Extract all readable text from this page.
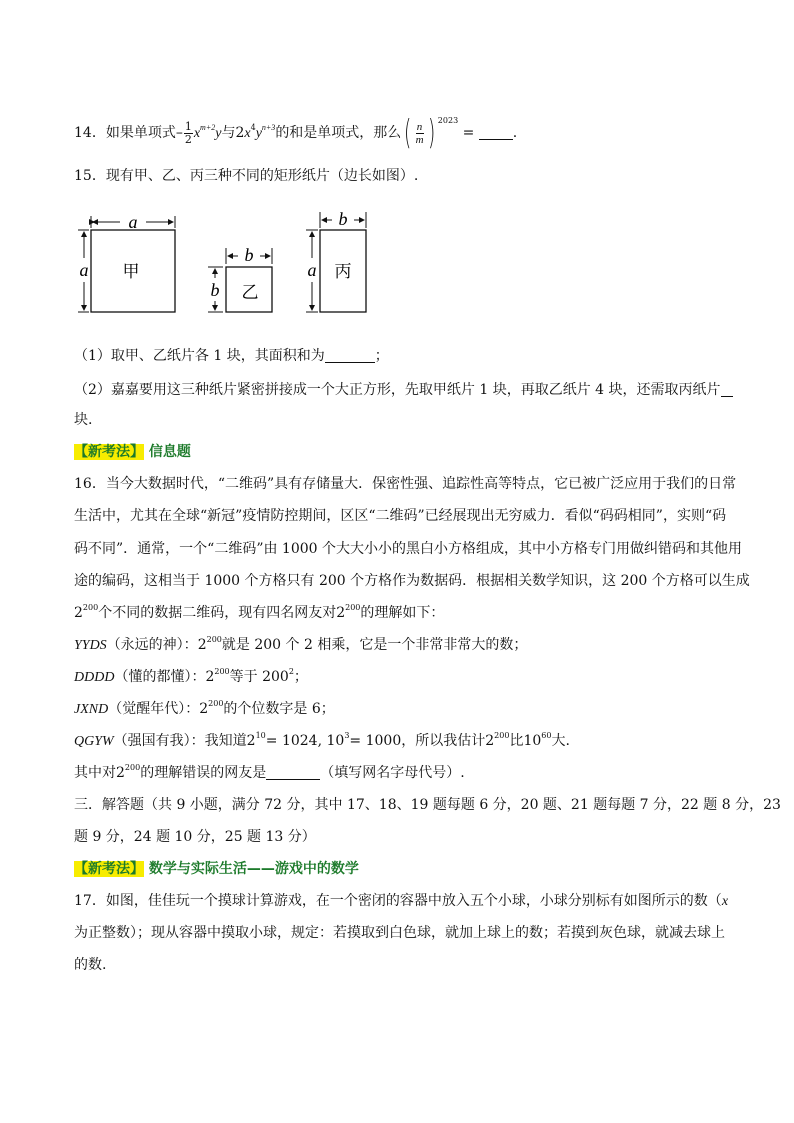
14．如果单项式– $\frac{1}{2} x^{m+2}y$与$2x^4y^{n+3}$的和是单项式，那么( $\frac{n}{m}$ ) $^{2023}$ =	.
15．现有甲、乙、丙三种不同的矩形纸片（边长如图）.
a
a 甲
b
b 乙
b
a 丙
（1）取甲、乙纸片各 1 块，其面积和为	；
（2）嘉嘉要用这三种纸片紧密拼接成一个大正方形，先取甲纸片 1 块，再取乙纸片 4 块，还需取丙纸片
块.
【新考法】 信息题
16．当今大数据时代，“二维码”具有存储量大．保密性强、追踪性高等特点，它已被广泛应用于我们的日常
生活中，尤其在全球“新冠”疫情防控期间，区区“二维码”已经展现出无穷威力．看似“码码相同”，实则“码
码不同”．通常，一个“二维码”由 1000 个大大小小的黑白小方格组成，其中小方格专门用做纠错码和其他用
途的编码，这相当于 1000 个方格只有 200 个方格作为数据码．根据相关数学知识，这 200 个方格可以生成
$2^{200}$个不同的数据二维码，现有四名网友对$2^{200}$的理解如下：
YYDS（永远的神）：$2^{200}$就是 200 个 2 相乘，它是一个非常非常大的数；
DDDD（懂的都懂）：$2^{200}$等于 $200^2$；
JXND（觉醒年代）：$2^{200}$的个位数字是 6；
QGYW（强国有我）：我知道$2^{10}= 1024$, $10^3= 1000$，所以我估计$2^{200}$比$10^{60}$大.
其中对$2^{200}$的理解错误的网友是	（填写网名字母代号）.
三．解答题（共 9 小题，满分 72 分，其中 17、18、19 题每题 6 分，20 题、21 题每题 7 分，22 题 8 分，23
题 9 分，24 题 10 分，25 题 13 分）
【新考法】 数学与实际生活——游戏中的数学
17．如图，佳佳玩一个摸球计算游戏，在一个密闭的容器中放入五个小球，小球分别标有如图所示的数（x
为正整数）；现从容器中摸取小球，规定：若摸取到白色球，就加上球上的数；若摸到灰色球，就减去球上
的数.
